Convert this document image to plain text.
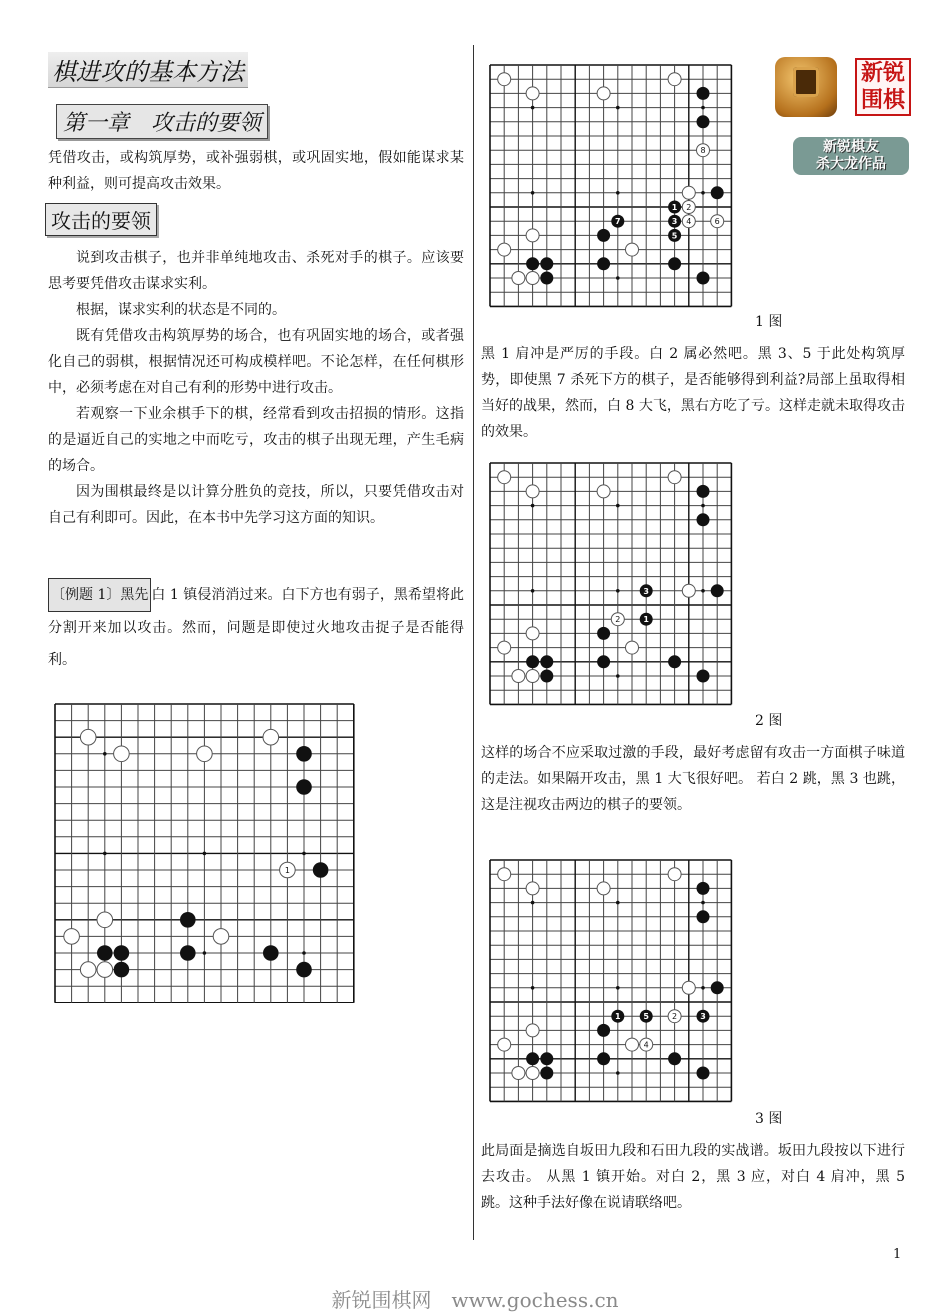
棋进攻的基本方法
第一章　攻击的要领
凭借攻击，或构筑厚势，或补强弱棋，或巩固实地，假如能谋求某种利益，则可提高攻击效果。
攻击的要领
说到攻击棋子，也并非单纯地攻击、杀死对手的棋子。应该要思考要凭借攻击谋求实利。
根据，谋求实利的状态是不同的。
既有凭借攻击构筑厚势的场合，也有巩固实地的场合，或者强化自己的弱棋，根据情况还可构成模样吧。不论怎样，在任何棋形中，必须考虑在对自己有利的形势中进行攻击。
若观察一下业余棋手下的棋，经常看到攻击招损的情形。这指的是逼近自己的实地之中而吃亏，攻击的棋子出现无理，产生毛病的场合。
因为围棋最终是以计算分胜负的竞技，所以，只要凭借攻击对自己有利即可。因此，在本书中先学习这方面的知识。
〔例题 1〕黑先 白 1 镇侵消消过来。白下方也有弱子，黑希望将此分割开来加以攻击。然而，问题是即使过火地攻击捉子是否能得利。
1
8
1 2
7	3 4	6
5
1 图
新锐围棋
新锐棋友
杀大龙作品
黑 1 肩冲是严厉的手段。白 2 属必然吧。黑 3、5 于此处构筑厚势，即使黑 7 杀死下方的棋子，是否能够得到利益?局部上虽取得相当好的战果，然而，白 8 大飞，黑右方吃了亏。这样走就未取得攻击的效果。
3
2	1
2 图
这样的场合不应采取过激的手段，最好考虑留有攻击一方面棋子味道的走法。如果隔开攻击，黑 1 大飞很好吧。 若白 2 跳，黑 3 也跳，这是注视攻击两边的棋子的要领。
1	5	2	3
4
3 图
此局面是摘选自坂田九段和石田九段的实战谱。坂田九段按以下进行去攻击。 从黑 1 镇开始。对白 2，黑 3 应，对白 4 肩冲，黑 5 跳。这种手法好像在说请联络吧。
1
新锐围棋网　www.gochess.cn
